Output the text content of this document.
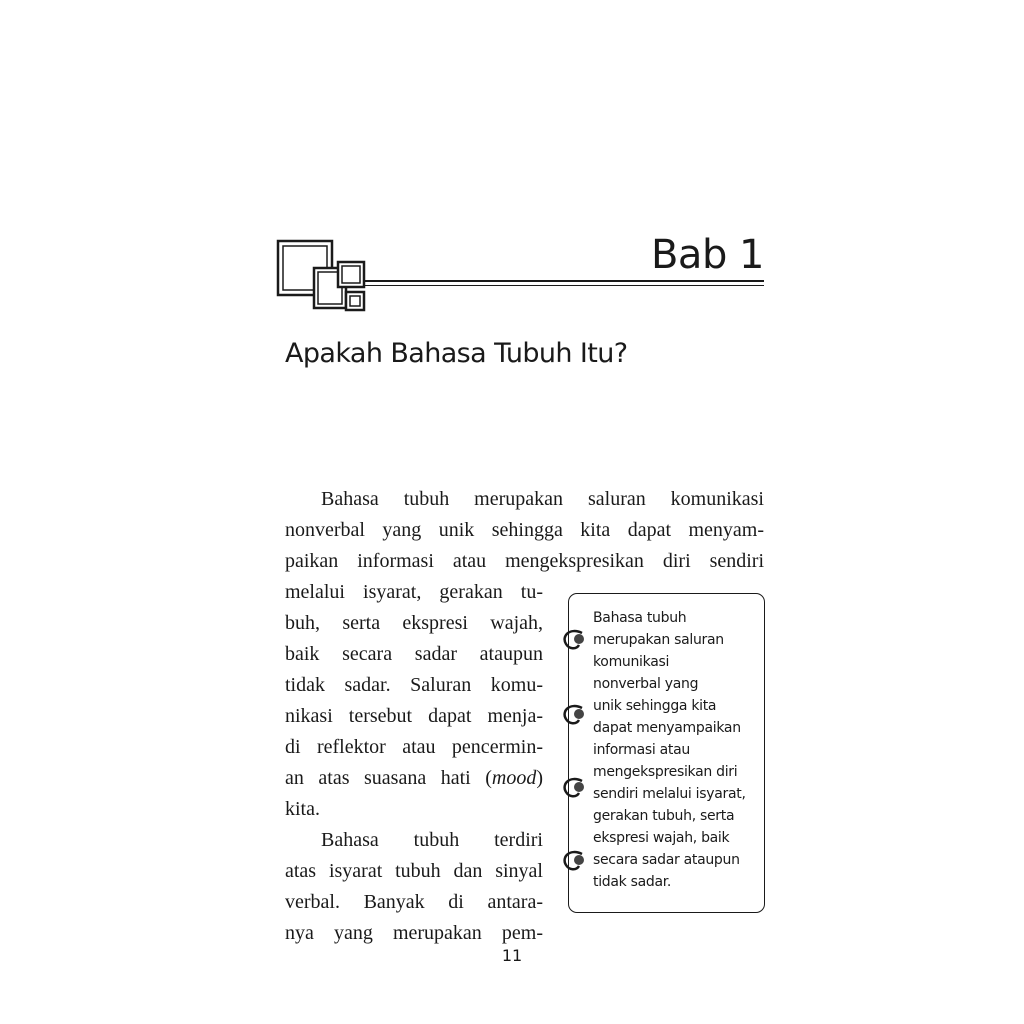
Bab 1
Apakah Bahasa Tubuh Itu?
Bahasa tubuh merupakan saluran komunikasi
nonverbal yang unik sehingga kita dapat menyam-
paikan informasi atau mengekspresikan diri sendiri
melalui isyarat, gerakan tu-
buh, serta ekspresi wajah,
baik secara sadar ataupun
tidak sadar. Saluran komu-
nikasi tersebut dapat menja-
di reflektor atau pencermin-
an atas suasana hati (mood)
kita.
Bahasa tubuh terdiri
atas isyarat tubuh dan sinyal
verbal. Banyak di antara-
nya yang merupakan pem-
Bahasa tubuh
merupakan saluran
komunikasi
nonverbal yang
unik sehingga kita
dapat menyampaikan
informasi atau
mengekspresikan diri
sendiri melalui isyarat,
gerakan tubuh, serta
ekspresi wajah, baik
secara sadar ataupun
tidak sadar.
11
